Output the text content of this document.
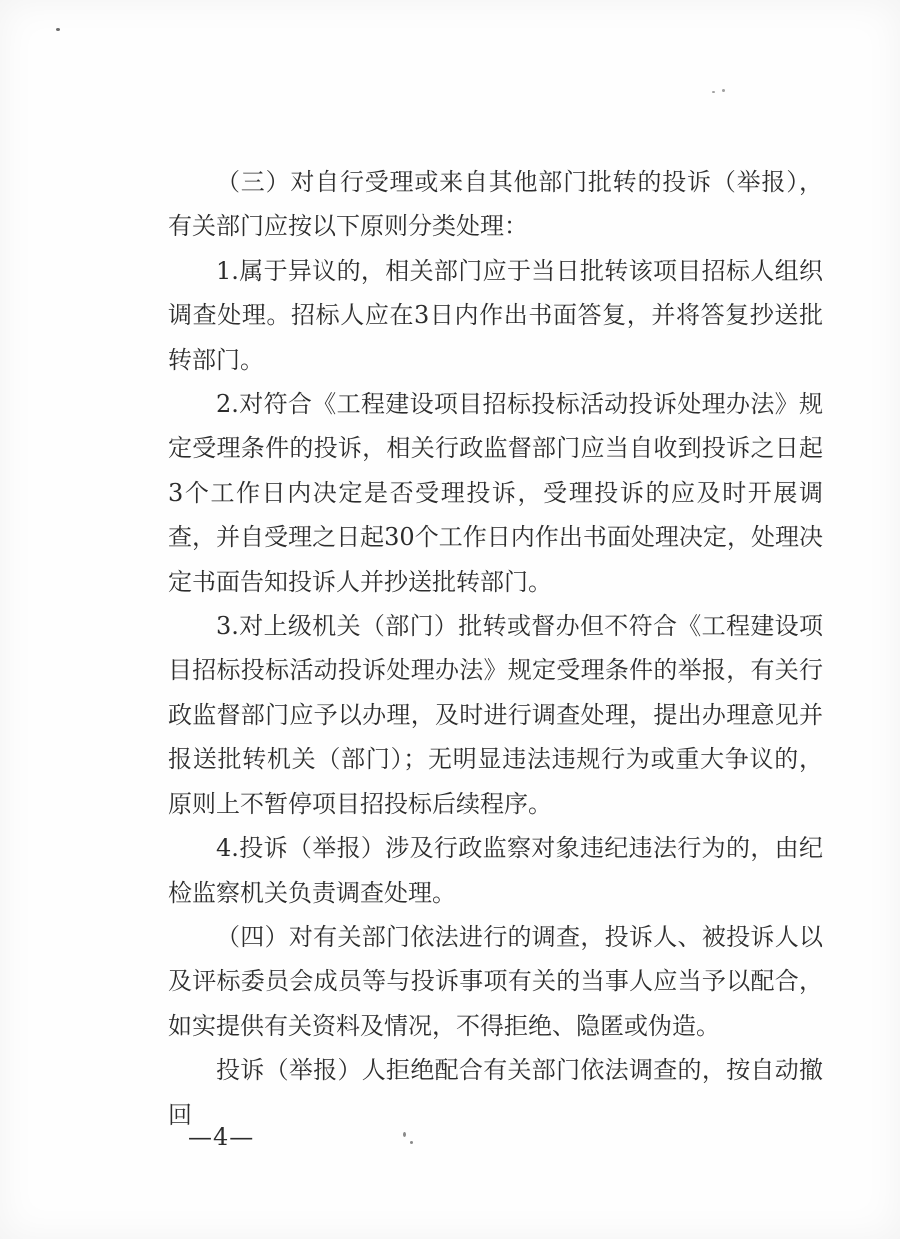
（三）对自行受理或来自其他部门批转的投诉（举报），有关部门应按以下原则分类处理：

1.属于异议的，相关部门应于当日批转该项目招标人组织调查处理。招标人应在3日内作出书面答复，并将答复抄送批转部门。

2.对符合《工程建设项目招标投标活动投诉处理办法》规定受理条件的投诉，相关行政监督部门应当自收到投诉之日起3个工作日内决定是否受理投诉，受理投诉的应及时开展调查，并自受理之日起30个工作日内作出书面处理决定，处理决定书面告知投诉人并抄送批转部门。

3.对上级机关（部门）批转或督办但不符合《工程建设项目招标投标活动投诉处理办法》规定受理条件的举报，有关行政监督部门应予以办理，及时进行调查处理，提出办理意见并报送批转机关（部门）；无明显违法违规行为或重大争议的，原则上不暂停项目招投标后续程序。

4.投诉（举报）涉及行政监察对象违纪违法行为的，由纪检监察机关负责调查处理。

（四）对有关部门依法进行的调查，投诉人、被投诉人以及评标委员会成员等与投诉事项有关的当事人应当予以配合，如实提供有关资料及情况，不得拒绝、隐匿或伪造。

投诉（举报）人拒绝配合有关部门依法调查的，按自动撤回

—4—
